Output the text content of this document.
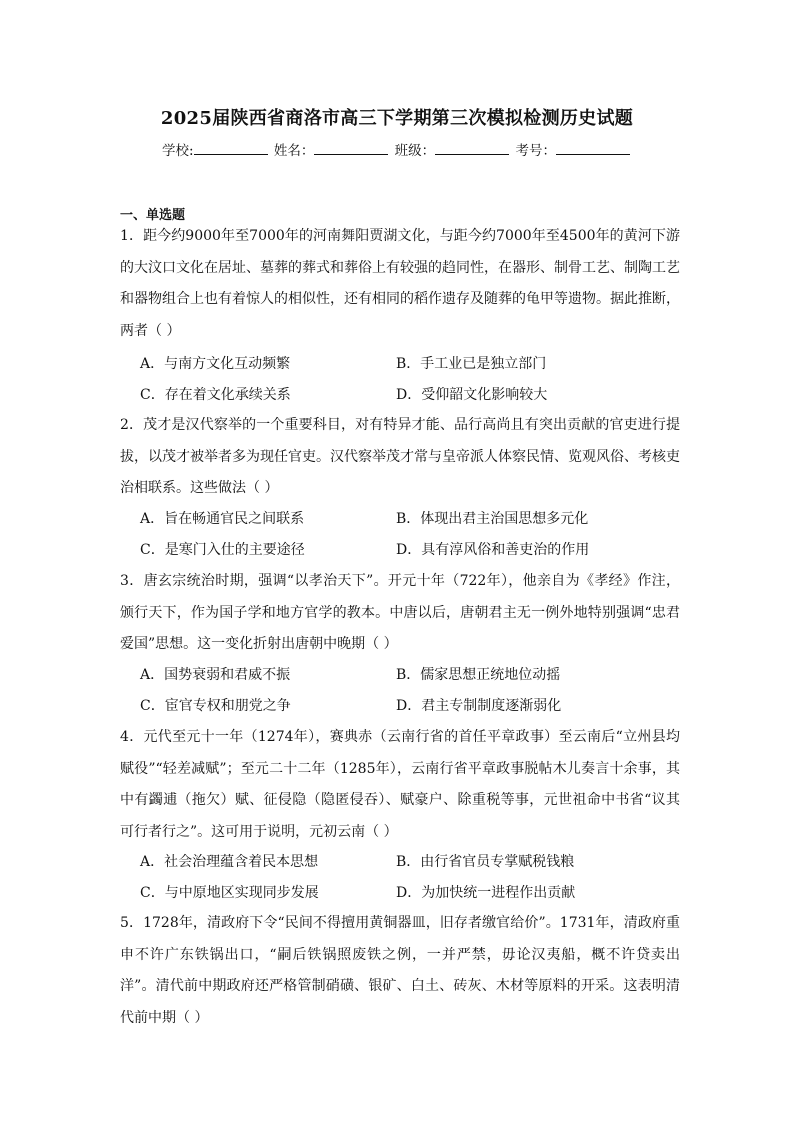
2025届陕西省商洛市高三下学期第三次模拟检测历史试题
学校:	姓名：	班级：	考号：
一、单选题
1．距今约9000年至7000年的河南舞阳贾湖文化，与距今约7000年至4500年的黄河下游的大汶口文化在居址、墓葬的葬式和葬俗上有较强的趋同性，在器形、制骨工艺、制陶工艺和器物组合上也有着惊人的相似性，还有相同的稻作遗存及随葬的龟甲等遗物。据此推断，两者（ ）
A．与南方文化互动频繁	B．手工业已是独立部门
C．存在着文化承续关系	D．受仰韶文化影响较大
2．茂才是汉代察举的一个重要科目，对有特异才能、品行高尚且有突出贡献的官吏进行提拔，以茂才被举者多为现任官吏。汉代察举茂才常与皇帝派人体察民情、览观风俗、考核吏治相联系。这些做法（ ）
A．旨在畅通官民之间联系	B．体现出君主治国思想多元化
C．是寒门入仕的主要途径	D．具有淳风俗和善吏治的作用
3．唐玄宗统治时期，强调“以孝治天下”。开元十年（722年），他亲自为《孝经》作注，颁行天下，作为国子学和地方官学的教本。中唐以后，唐朝君主无一例外地特别强调“忠君爱国”思想。这一变化折射出唐朝中晚期（ ）
A．国势衰弱和君威不振	B．儒家思想正统地位动摇
C．宦官专权和朋党之争	D．君主专制制度逐渐弱化
4．元代至元十一年（1274年），赛典赤（云南行省的首任平章政事）至云南后“立州县均赋役”“轻差减赋”；至元二十二年（1285年），云南行省平章政事脱帖木儿奏言十余事，其中有蠲逋（拖欠）赋、征侵隐（隐匿侵吞）、赋豪户、除重税等事，元世祖命中书省“议其可行者行之”。这可用于说明，元初云南（ ）
A．社会治理蕴含着民本思想	B．由行省官员专掌赋税钱粮
C．与中原地区实现同步发展	D．为加快统一进程作出贡献
5．1728年，清政府下令“民间不得擅用黄铜器皿，旧存者缴官给价”。1731年，清政府重申不许广东铁锅出口，“嗣后铁锅照废铁之例，一并严禁，毋论汉夷船，概不许贷卖出洋”。清代前中期政府还严格管制硝磺、银矿、白土、砖灰、木材等原料的开采。这表明清代前中期（ ）
